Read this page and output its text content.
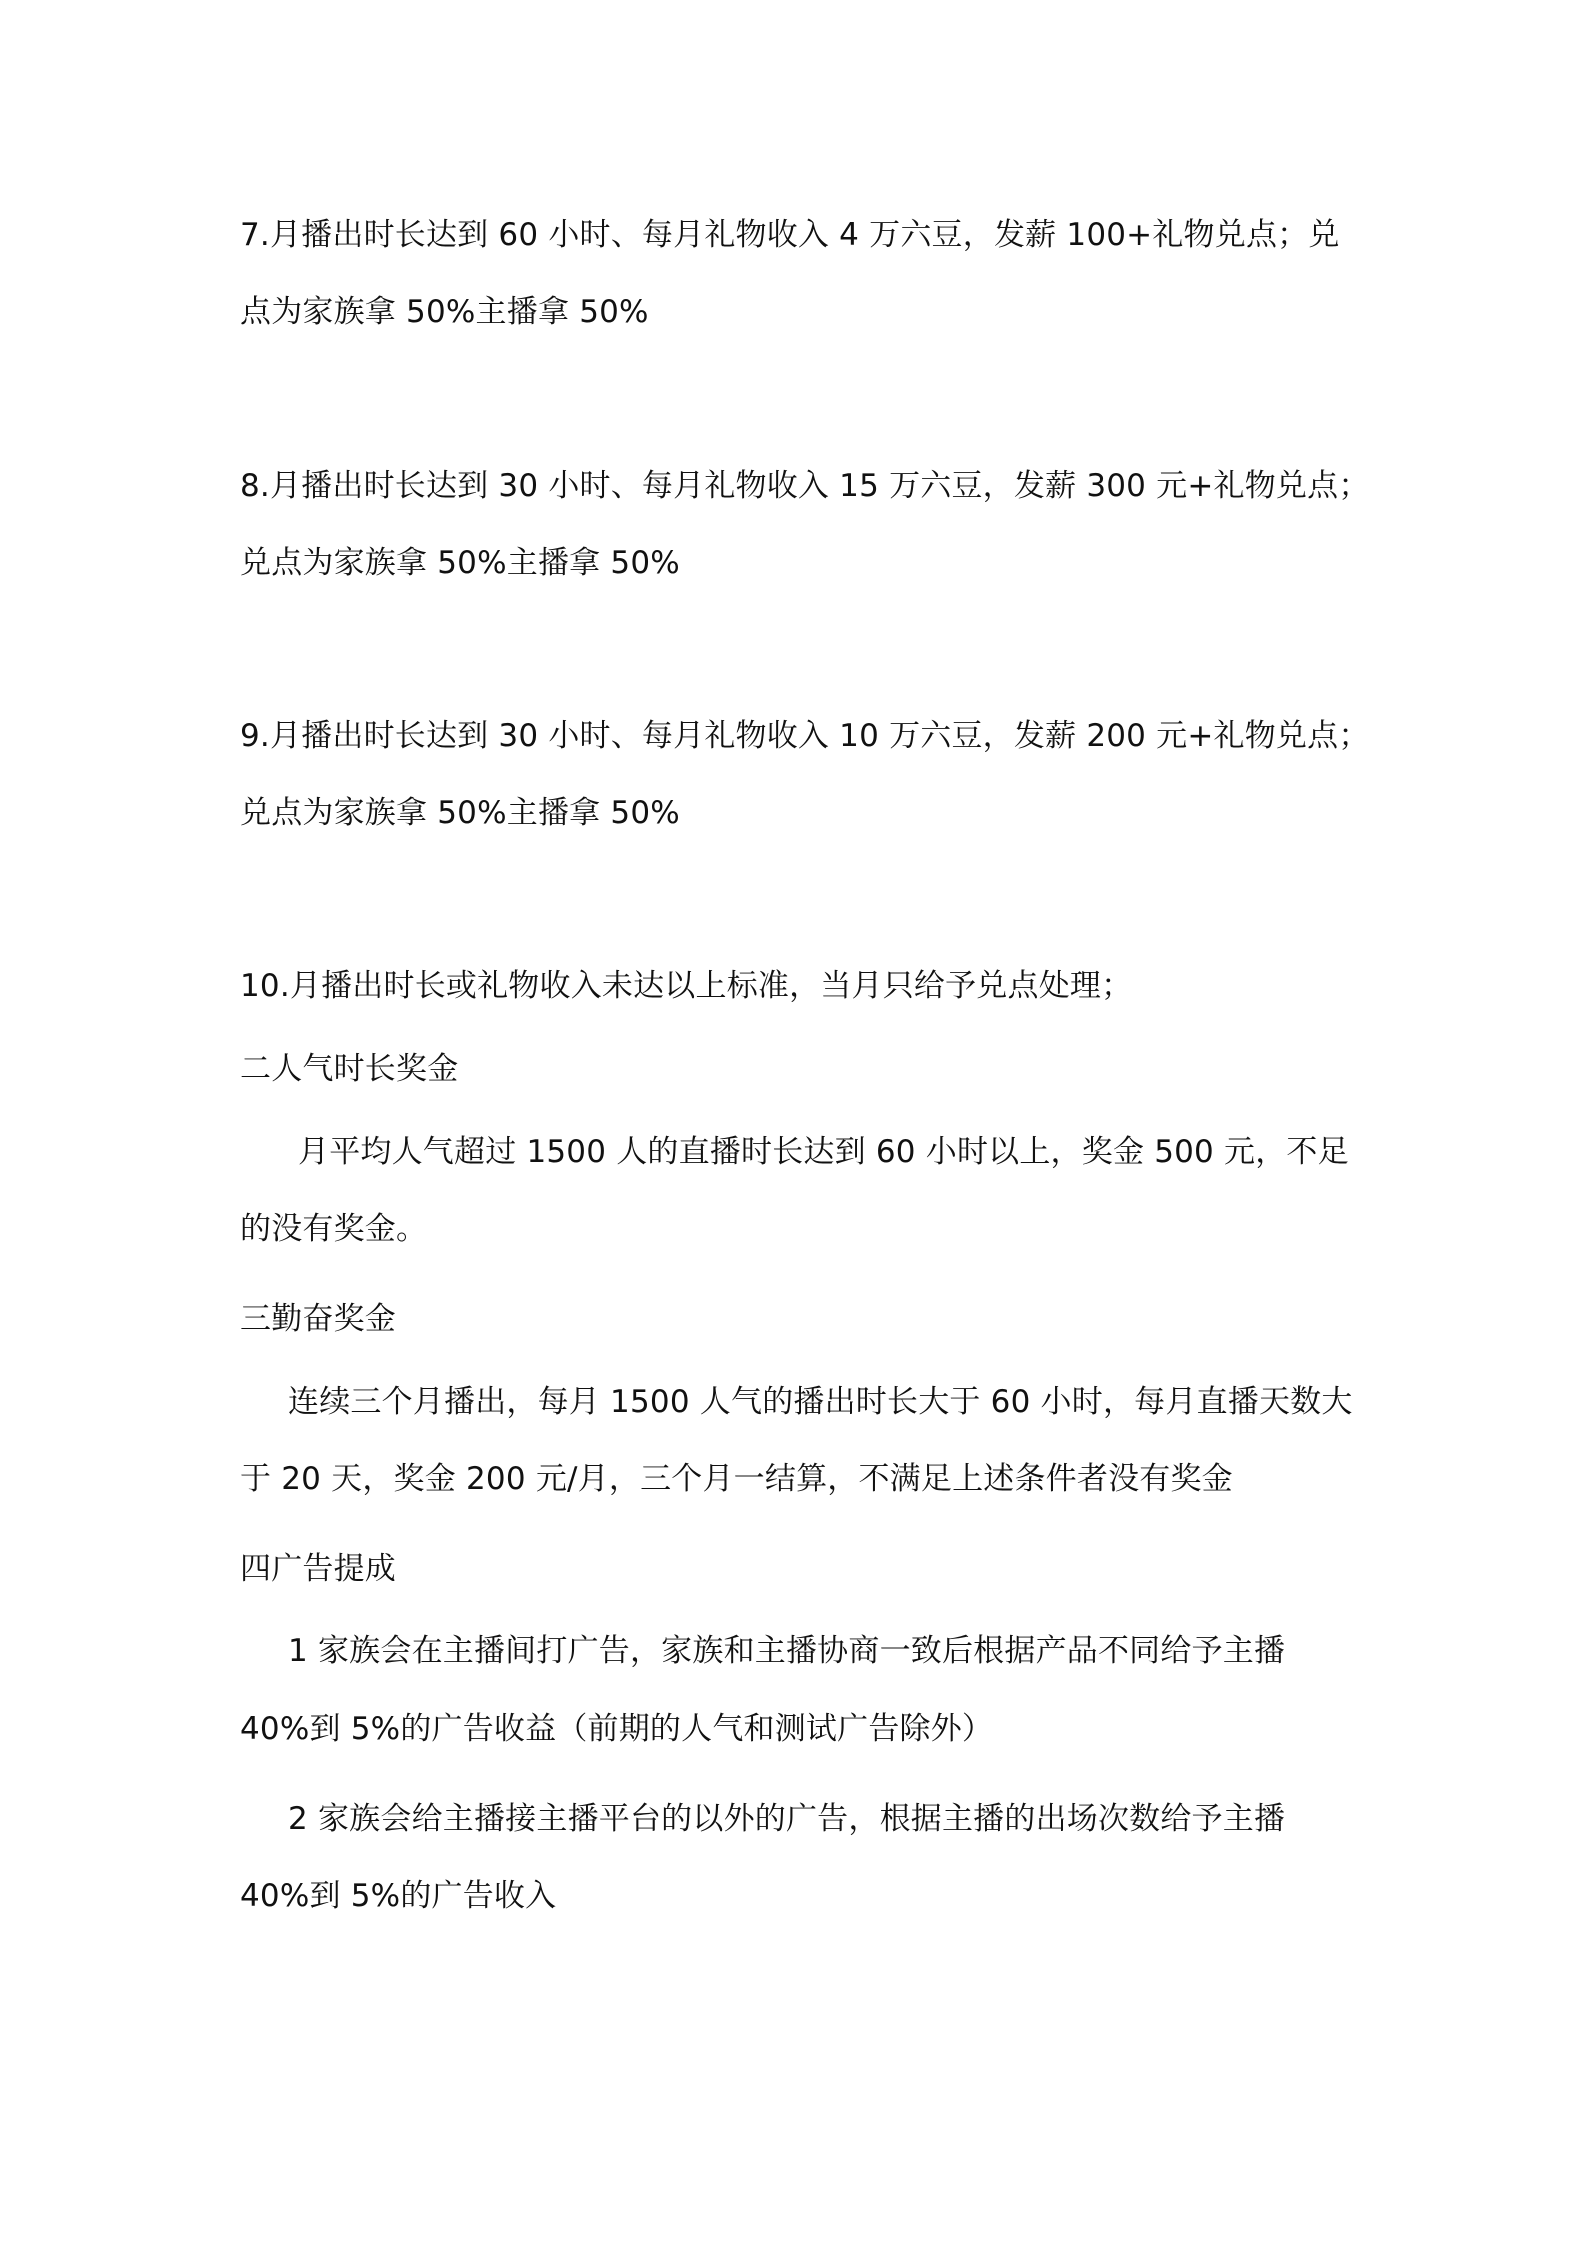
7.月播出时长达到 60 小时、每月礼物收入 4 万六豆，发薪 100+礼物兑点；兑
点为家族拿 50%主播拿 50%
8.月播出时长达到 30 小时、每月礼物收入 15 万六豆，发薪 300 元+礼物兑点；
兑点为家族拿 50%主播拿 50%
9.月播出时长达到 30 小时、每月礼物收入 10 万六豆，发薪 200 元+礼物兑点；
兑点为家族拿 50%主播拿 50%
10.月播出时长或礼物收入未达以上标准，当月只给予兑点处理；
二人气时长奖金
月平均人气超过 1500 人的直播时长达到 60 小时以上，奖金 500 元，不足
的没有奖金。
三勤奋奖金
连续三个月播出，每月 1500 人气的播出时长大于 60 小时，每月直播天数大
于 20 天，奖金 200 元/月，三个月一结算，不满足上述条件者没有奖金
四广告提成
1 家族会在主播间打广告，家族和主播协商一致后根据产品不同给予主播
40%到 5%的广告收益（前期的人气和测试广告除外）
2 家族会给主播接主播平台的以外的广告，根据主播的出场次数给予主播
40%到 5%的广告收入
